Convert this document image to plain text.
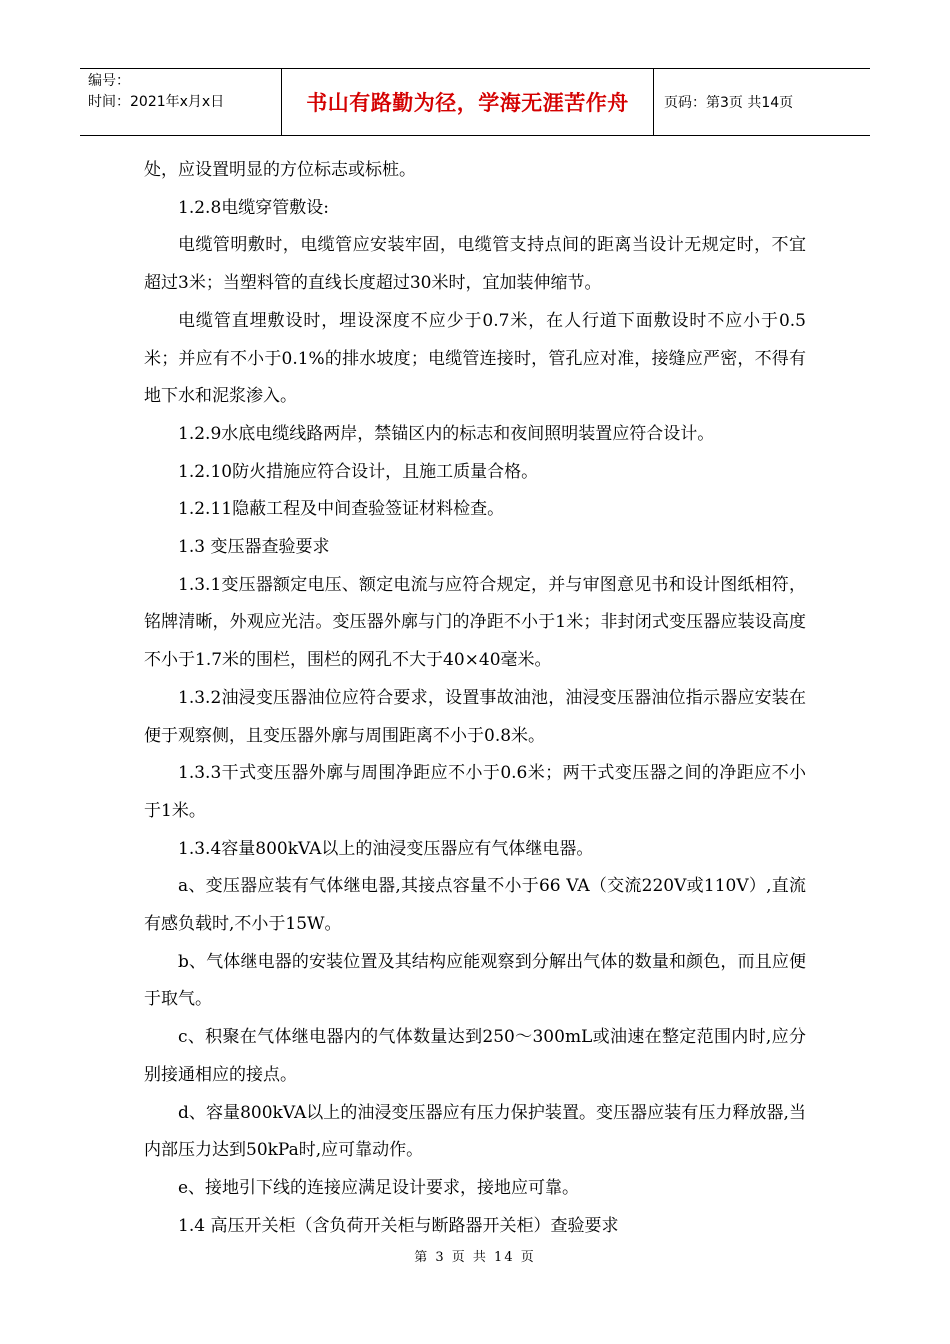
编号：
时间：2021年x月x日	书山有路勤为径，学海无涯苦作舟	页码：第3页 共14页

处，应设置明显的方位标志或标桩。

1.2.8电缆穿管敷设:

电缆管明敷时，电缆管应安装牢固，电缆管支持点间的距离当设计无规定时，不宜超过3米；当塑料管的直线长度超过30米时，宜加装伸缩节。

电缆管直埋敷设时，埋设深度不应少于0.7米，在人行道下面敷设时不应小于0.5米；并应有不小于0.1%的排水坡度；电缆管连接时，管孔应对准，接缝应严密，不得有地下水和泥浆渗入。

1.2.9水底电缆线路两岸，禁锚区内的标志和夜间照明装置应符合设计。

1.2.10防火措施应符合设计，且施工质量合格。

1.2.11隐蔽工程及中间查验签证材料检查。

1.3 变压器查验要求

1.3.1变压器额定电压、额定电流与应符合规定，并与审图意见书和设计图纸相符，铭牌清晰，外观应光洁。变压器外廓与门的净距不小于1米；非封闭式变压器应装设高度不小于1.7米的围栏，围栏的网孔不大于40×40毫米。

1.3.2油浸变压器油位应符合要求，设置事故油池，油浸变压器油位指示器应安装在便于观察侧，且变压器外廓与周围距离不小于0.8米。

1.3.3干式变压器外廓与周围净距应不小于0.6米；两干式变压器之间的净距应不小于1米。

1.3.4容量800kVA以上的油浸变压器应有气体继电器。

a、变压器应装有气体继电器,其接点容量不小于66 VA（交流220V或110V）,直流有感负载时,不小于15W。

b、气体继电器的安装位置及其结构应能观察到分解出气体的数量和颜色，而且应便于取气。

c、积聚在气体继电器内的气体数量达到250～300mL或油速在整定范围内时,应分别接通相应的接点。

d、容量800kVA以上的油浸变压器应有压力保护装置。变压器应装有压力释放器,当内部压力达到50kPa时,应可靠动作。

e、接地引下线的连接应满足设计要求，接地应可靠。

1.4 高压开关柜（含负荷开关柜与断路器开关柜）查验要求

第 3 页 共 14 页
